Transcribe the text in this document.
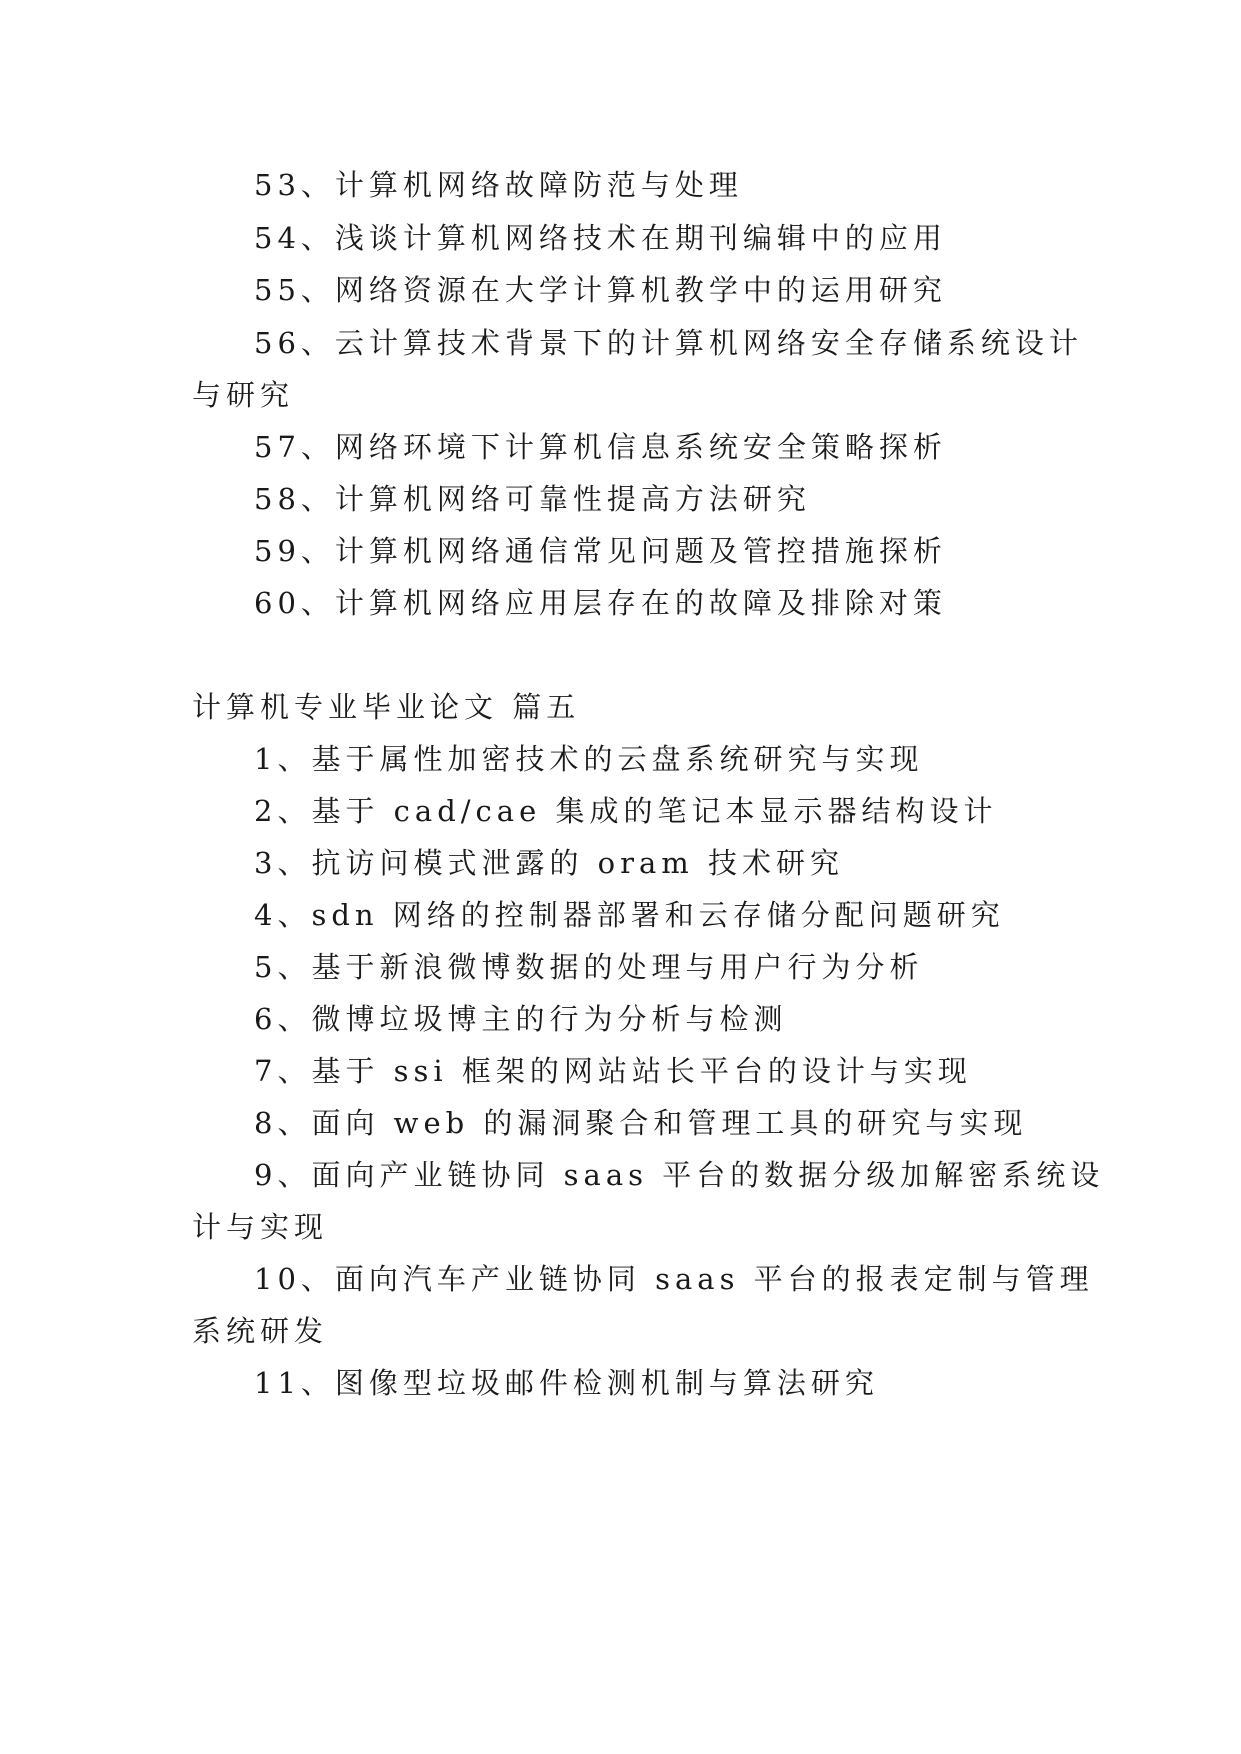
53、计算机网络故障防范与处理
54、浅谈计算机网络技术在期刊编辑中的应用
55、网络资源在大学计算机教学中的运用研究
56、云计算技术背景下的计算机网络安全存储系统设计
与研究
57、网络环境下计算机信息系统安全策略探析
58、计算机网络可靠性提高方法研究
59、计算机网络通信常见问题及管控措施探析
60、计算机网络应用层存在的故障及排除对策
计算机专业毕业论文 篇五
1、基于属性加密技术的云盘系统研究与实现
2、基于 cad/cae 集成的笔记本显示器结构设计
3、抗访问模式泄露的 oram 技术研究
4、sdn 网络的控制器部署和云存储分配问题研究
5、基于新浪微博数据的处理与用户行为分析
6、微博垃圾博主的行为分析与检测
7、基于 ssi 框架的网站站长平台的设计与实现
8、面向 web 的漏洞聚合和管理工具的研究与实现
9、面向产业链协同 saas 平台的数据分级加解密系统设
计与实现
10、面向汽车产业链协同 saas 平台的报表定制与管理
系统研发
11、图像型垃圾邮件检测机制与算法研究
